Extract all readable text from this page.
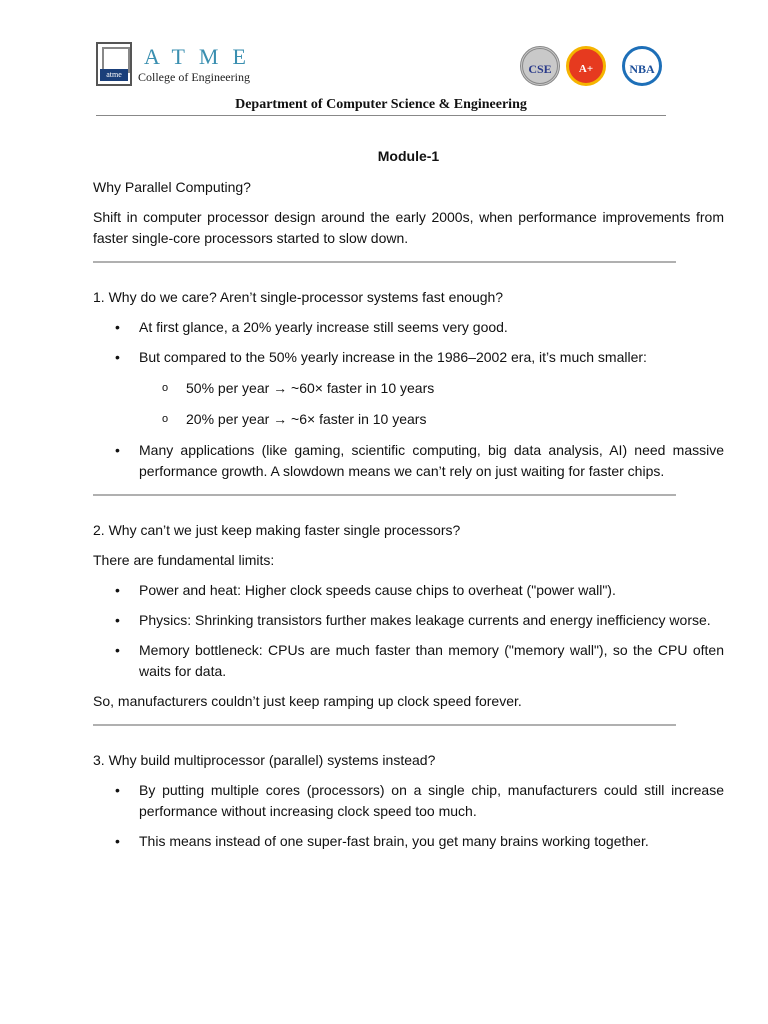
atme
ATME
College of Engineering
CSE	A+	NBA
Department of Computer Science & Engineering
Module-1

Why Parallel Computing?

Shift in computer processor design around the early 2000s, when performance improvements from faster single-core processors started to slow down.

1. Why do we care? Aren’t single-processor systems fast enough?

• At first glance, a 20% yearly increase still seems very good.
• But compared to the 50% yearly increase in the 1986–2002 era, it’s much smaller:
o 50% per year → ~60× faster in 10 years
o 20% per year → ~6× faster in 10 years
• Many applications (like gaming, scientific computing, big data analysis, AI) need massive performance growth. A slowdown means we can’t rely on just waiting for faster chips.

2. Why can’t we just keep making faster single processors?

There are fundamental limits:

• Power and heat: Higher clock speeds cause chips to overheat ("power wall").
• Physics: Shrinking transistors further makes leakage currents and energy inefficiency worse.
• Memory bottleneck: CPUs are much faster than memory ("memory wall"), so the CPU often waits for data.

So, manufacturers couldn’t just keep ramping up clock speed forever.

3. Why build multiprocessor (parallel) systems instead?

• By putting multiple cores (processors) on a single chip, manufacturers could still increase performance without increasing clock speed too much.
• This means instead of one super-fast brain, you get many brains working together.
